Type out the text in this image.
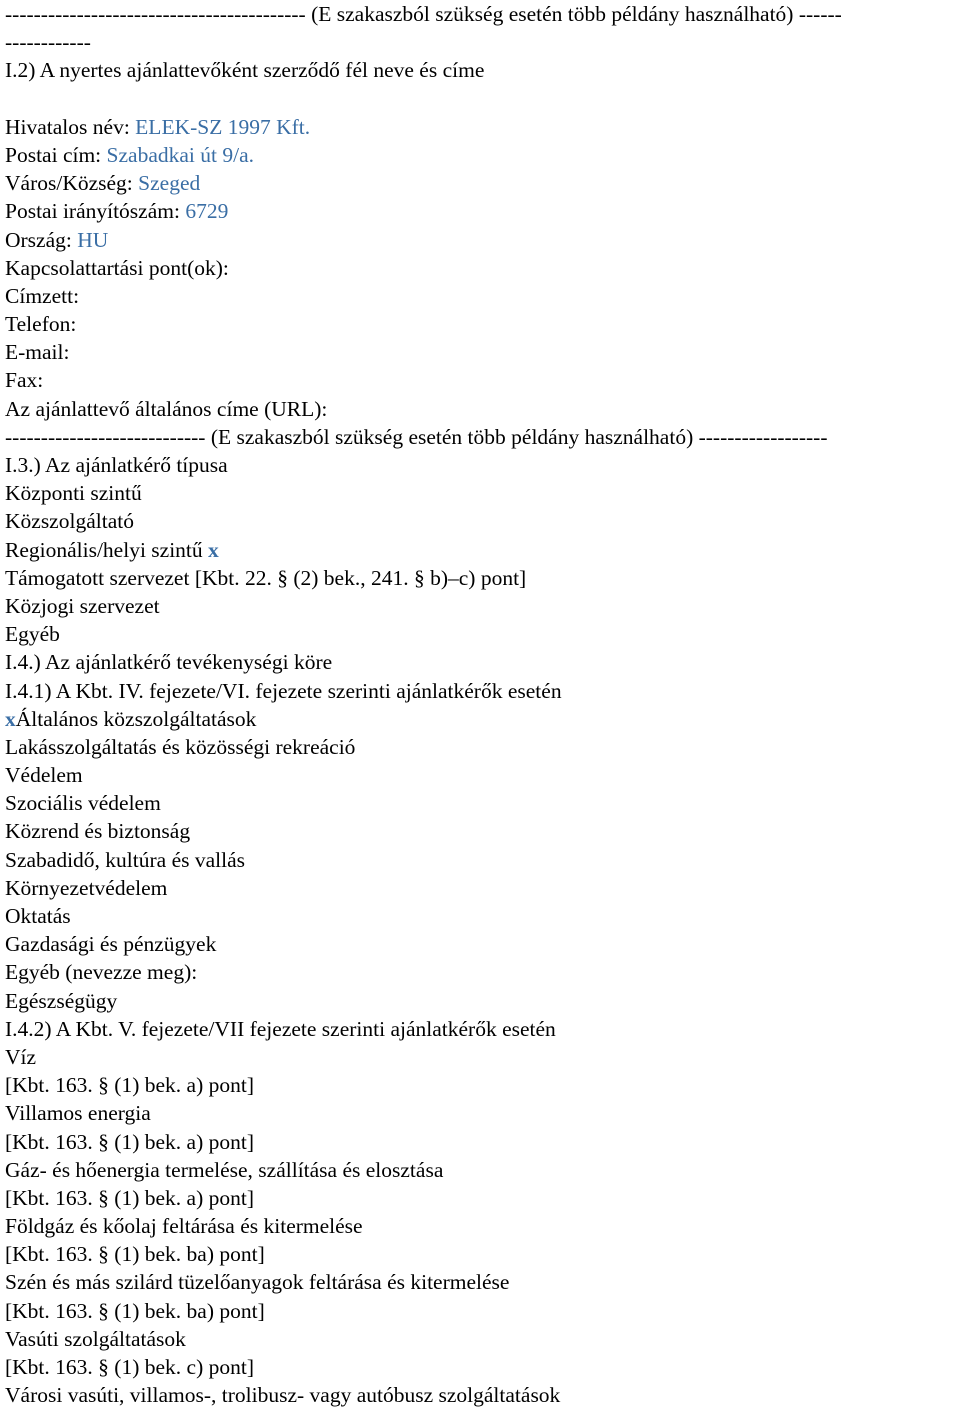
------------------------------------------ (E szakaszból szükség esetén több példány használható) ------
------------
I.2) A nyertes ajánlattevőként szerződő fél neve és címe
Hivatalos név: ELEK-SZ 1997 Kft.
Postai cím: Szabadkai út 9/a.
Város/Község: Szeged
Postai irányítószám: 6729
Ország: HU
Kapcsolattartási pont(ok):
Címzett:
Telefon:
E-mail:
Fax:
Az ajánlattevő általános címe (URL):
---------------------------- (E szakaszból szükség esetén több példány használható) ------------------
I.3.) Az ajánlatkérő típusa
Központi szintű
Közszolgáltató
Regionális/helyi szintű x
Támogatott szervezet [Kbt. 22. § (2) bek., 241. § b)–c) pont]
Közjogi szervezet
Egyéb
I.4.) Az ajánlatkérő tevékenységi köre
I.4.1) A Kbt. IV. fejezete/VI. fejezete szerinti ajánlatkérők esetén
xÁltalános közszolgáltatások
Lakásszolgáltatás és közösségi rekreáció
Védelem
Szociális védelem
Közrend és biztonság
Szabadidő, kultúra és vallás
Környezetvédelem
Oktatás
Gazdasági és pénzügyek
Egyéb (nevezze meg):
Egészségügy
I.4.2) A Kbt. V. fejezete/VII fejezete szerinti ajánlatkérők esetén
Víz
[Kbt. 163. § (1) bek. a) pont]
Villamos energia
[Kbt. 163. § (1) bek. a) pont]
Gáz- és hőenergia termelése, szállítása és elosztása
[Kbt. 163. § (1) bek. a) pont]
Földgáz és kőolaj feltárása és kitermelése
[Kbt. 163. § (1) bek. ba) pont]
Szén és más szilárd tüzelőanyagok feltárása és kitermelése
[Kbt. 163. § (1) bek. ba) pont]
Vasúti szolgáltatások
[Kbt. 163. § (1) bek. c) pont]
Városi vasúti, villamos-, trolibusz- vagy autóbusz szolgáltatások
